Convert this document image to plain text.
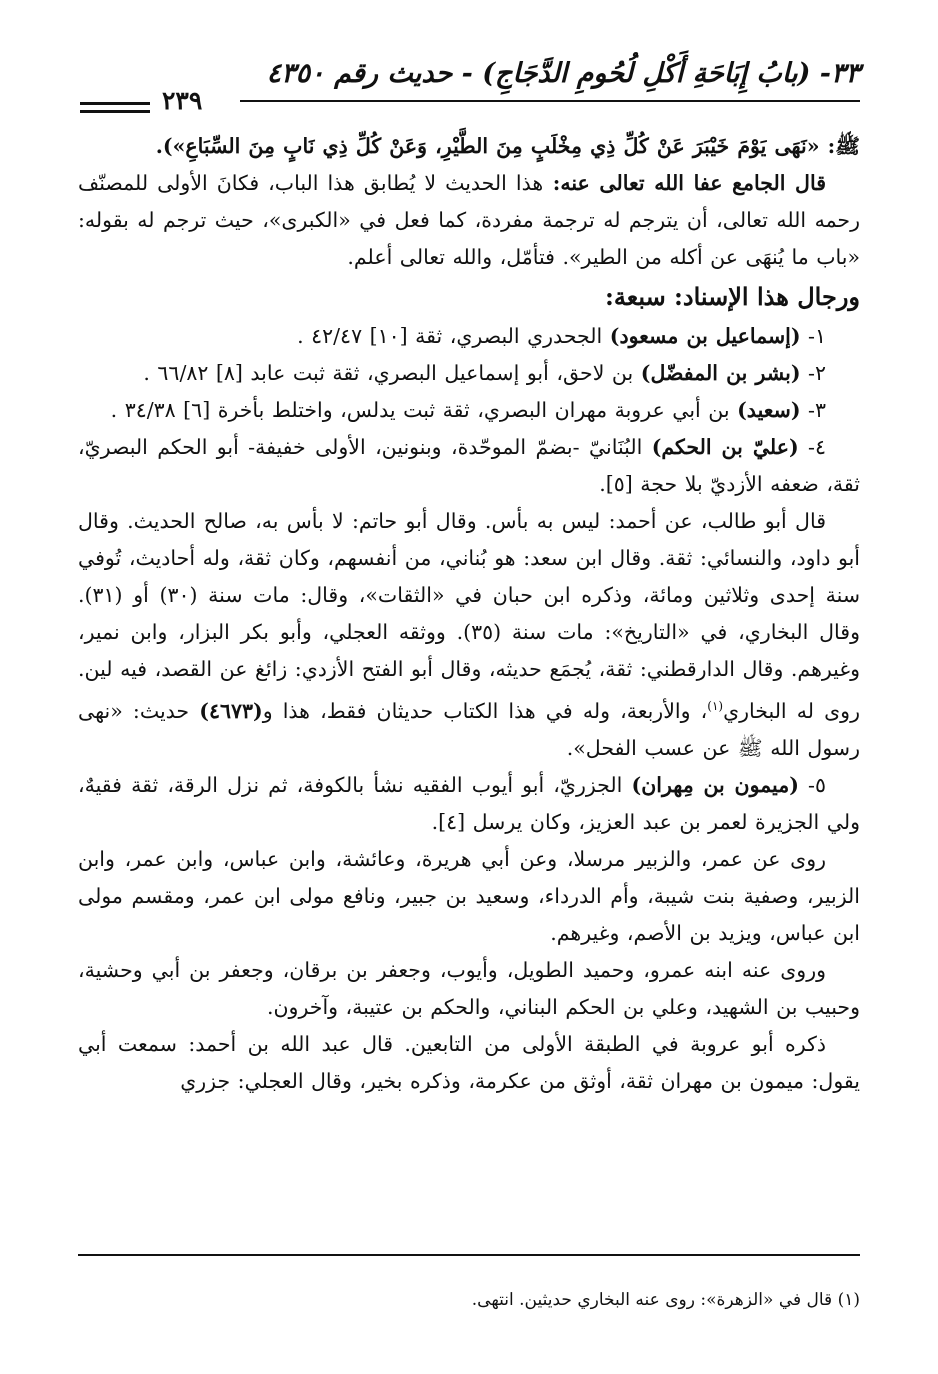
٣٣- (بابُ إِبَاحَةِ أَكْلِ لُحُومِ الدَّجَاجِ) - حديث رقم ٤٣٥٠
٢٣٩

ﷺ: «نَهَى يَوْمَ خَيْبَرَ عَنْ كُلِّ ذِي مِخْلَبٍ مِنَ الطَّيْرِ، وَعَنْ كُلِّ ذِي نَابٍ مِنَ السِّبَاعِ»).

قال الجامع عفا الله تعالى عنه: هذا الحديث لا يُطابق هذا الباب، فكانَ الأولى للمصنّف رحمه الله تعالى، أن يترجم له ترجمة مفردة، كما فعل في «الكبرى»، حيث ترجم له بقوله: «باب ما يُنهَى عن أكله من الطير». فتأمّل، والله تعالى أعلم.

ورجال هذا الإسناد: سبعة:

١- (إسماعيل بن مسعود) الجحدري البصري، ثقة [١٠] ٤٢/٤٧ .

٢- (بشر بن المفضّل) بن لاحق، أبو إسماعيل البصري، ثقة ثبت عابد [٨] ٦٦/٨٢ .

٣- (سعيد) بن أبي عروبة مهران البصري، ثقة ثبت يدلس، واختلط بأخرة [٦] ٣٤/٣٨ .

٤- (عليّ بن الحكم) البُنَانيّ -بضمّ الموحّدة، وبنونين، الأولى خفيفة- أبو الحكم البصريّ، ثقة، ضعفه الأزديّ بلا حجة [٥].

قال أبو طالب، عن أحمد: ليس به بأس. وقال أبو حاتم: لا بأس به، صالح الحديث. وقال أبو داود، والنسائي: ثقة. وقال ابن سعد: هو بُناني، من أنفسهم، وكان ثقة، وله أحاديث، تُوفي سنة إحدى وثلاثين ومائة، وذكره ابن حبان في «الثقات»، وقال: مات سنة (٣٠) أو (٣١). وقال البخاري، في «التاريخ»: مات سنة (٣٥). ووثقه العجلي، وأبو بكر البزار، وابن نمير، وغيرهم. وقال الدارقطني: ثقة، يُجمَع حديثه، وقال أبو الفتح الأزدي: زائغ عن القصد، فيه لين. روى له البخاري$^{(١)}$، والأربعة، وله في هذا الكتاب حديثان فقط، هذا و(٤٦٧٣) حديث: «نهى رسول الله ﷺ عن عسب الفحل».

٥- (ميمون بن مِهران) الجزريّ، أبو أيوب الفقيه نشأ بالكوفة، ثم نزل الرقة، ثقة فقيهٌ، ولي الجزيرة لعمر بن عبد العزيز، وكان يرسل [٤].

روى عن عمر، والزبير مرسلا، وعن أبي هريرة، وعائشة، وابن عباس، وابن عمر، وابن الزبير، وصفية بنت شيبة، وأم الدرداء، وسعيد بن جبير، ونافع مولى ابن عمر، ومقسم مولى ابن عباس، ويزيد بن الأصم، وغيرهم.

وروى عنه ابنه عمرو، وحميد الطويل، وأيوب، وجعفر بن برقان، وجعفر بن أبي وحشية، وحبيب بن الشهيد، وعلي بن الحكم البناني، والحكم بن عتيبة، وآخرون.

ذكره أبو عروبة في الطبقة الأولى من التابعين. قال عبد الله بن أحمد: سمعت أبي يقول: ميمون بن مهران ثقة، أوثق من عكرمة، وذكره بخير، وقال العجلي: جزري

(١) قال في «الزهرة»: روى عنه البخاري حديثين. انتهى.
